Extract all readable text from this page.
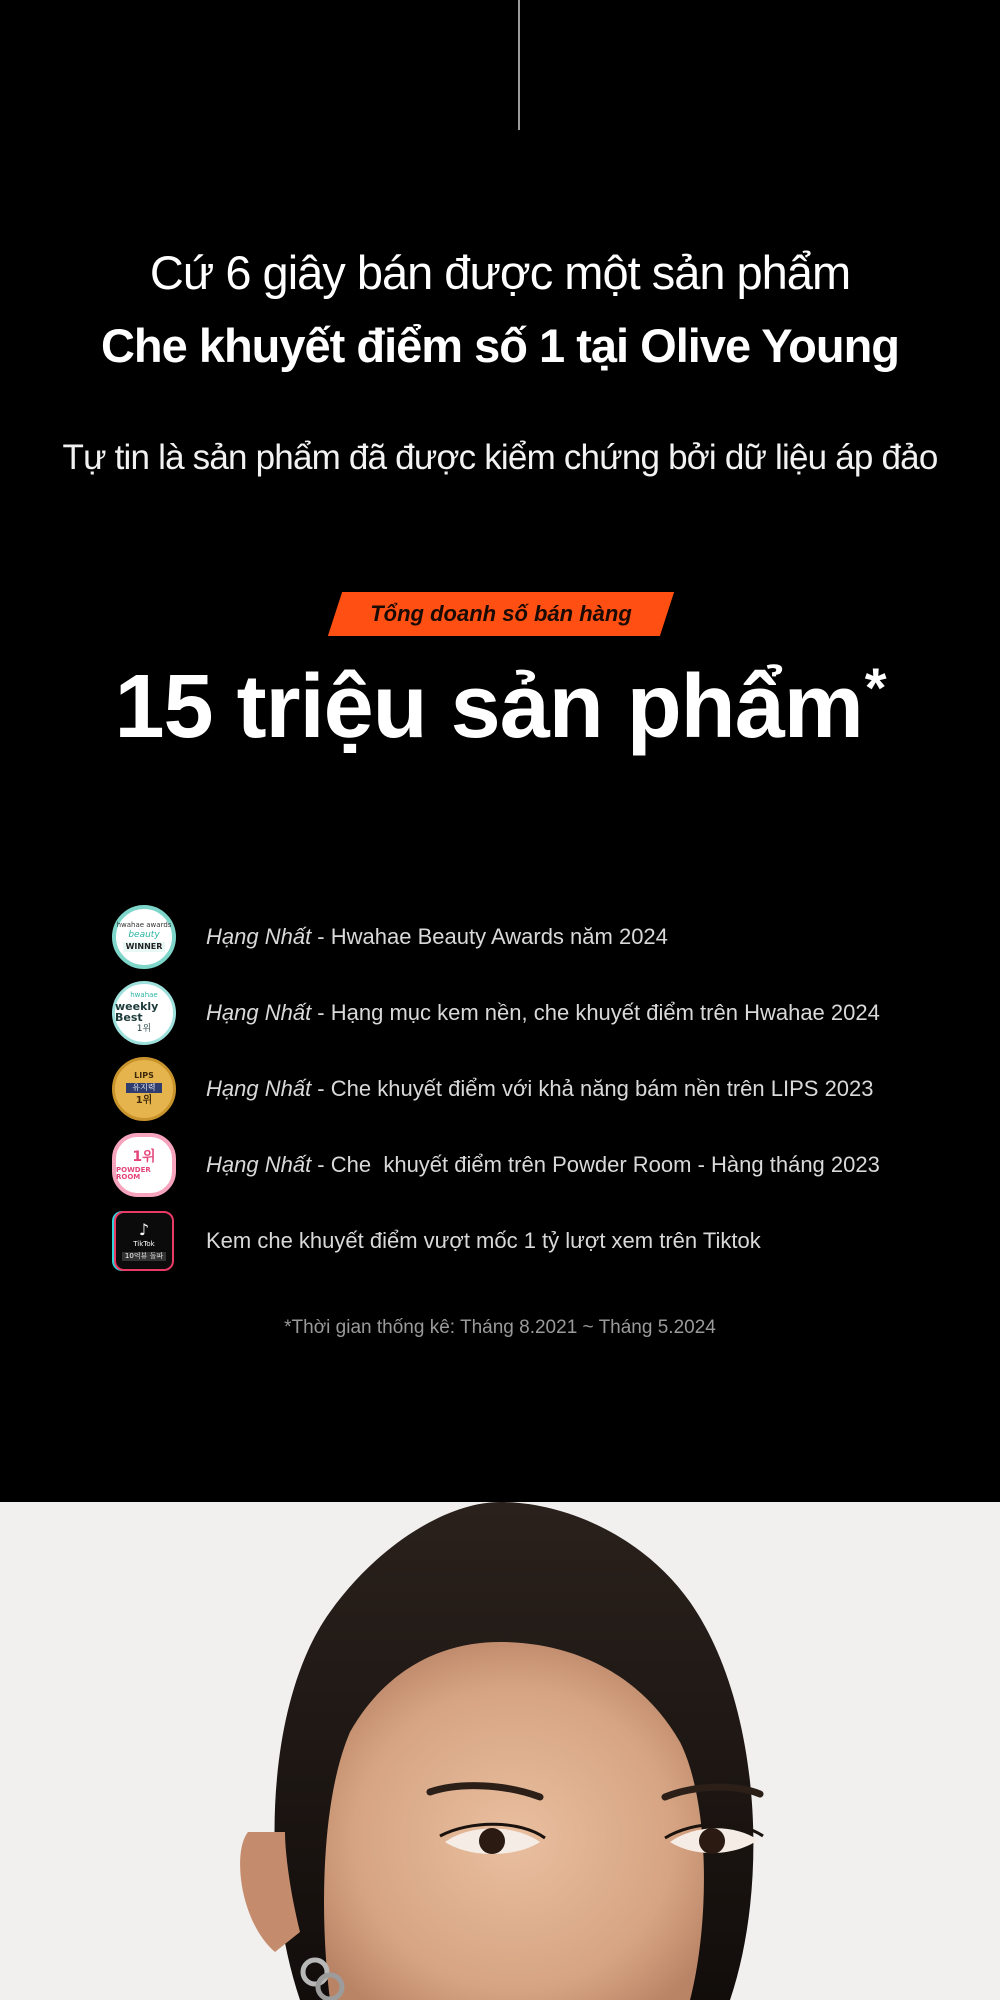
Cứ 6 giây bán được một sản phẩm
Che khuyết điểm số 1 tại Olive Young
Tự tin là sản phẩm đã được kiểm chứng bởi dữ liệu áp đảo
Tổng doanh số bán hàng
15 triệu sản phẩm*
hwahae awards
beauty
WINNER Hạng Nhất - Hwahae Beauty Awards năm 2024
hwahae
weekly Best
1위
Hạng Nhất - Hạng mục kem nền, che khuyết điểm trên Hwahae 2024
LIPS
유지력
1위 Hạng Nhất - Che khuyết điểm với khả năng bám nền trên LIPS 2023
1위
POWDER ROOM	Hạng Nhất - Che  khuyết điểm trên Powder Room - Hàng tháng 2023
♪
TikTok
10억뷰 돌파
Kem che khuyết điểm vượt mốc 1 tỷ lượt xem trên Tiktok
*Thời gian thống kê: Tháng 8.2021 ~ Tháng 5.2024
